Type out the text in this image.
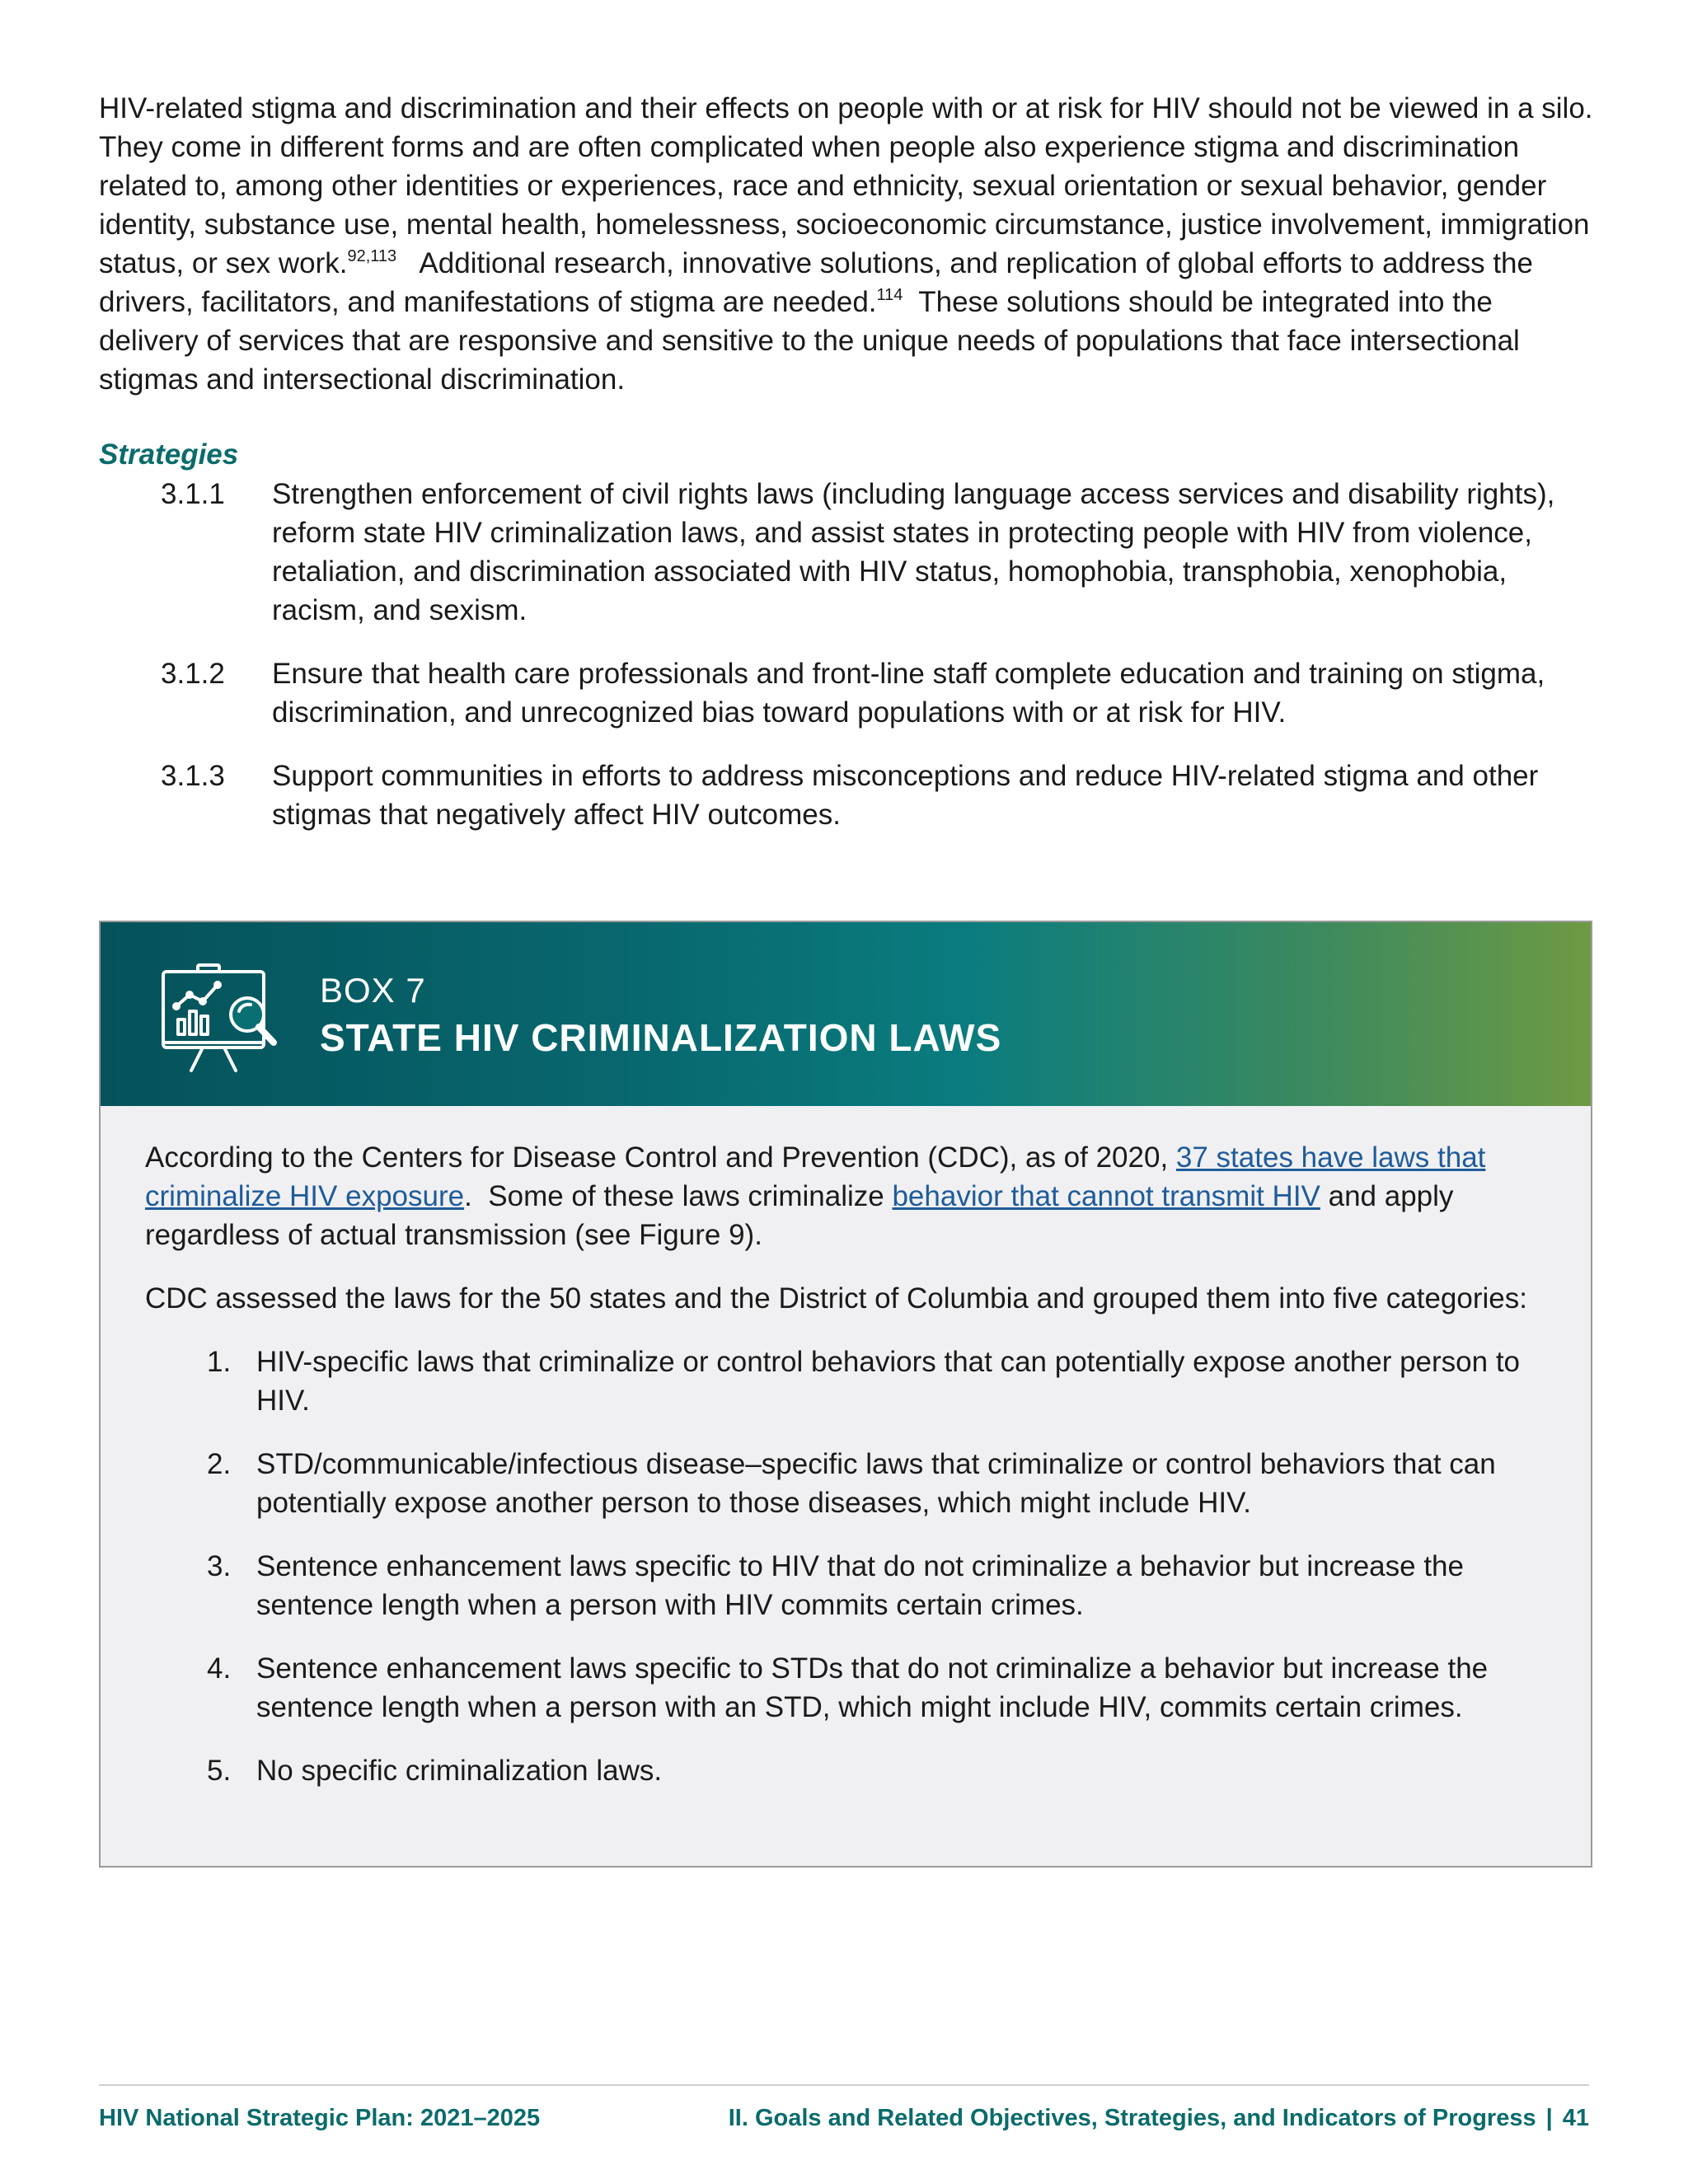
HIV-related stigma and discrimination and their effects on people with or at risk for HIV should not be viewed in a silo. They come in different forms and are often complicated when people also experience stigma and discrimination related to, among other identities or experiences, race and ethnicity, sexual orientation or sexual behavior, gender identity, substance use, mental health, homelessness, socioeconomic circumstance, justice involvement, immigration status, or sex work.$^{92,113}$   Additional research, innovative solutions, and replication of global efforts to address the drivers, facilitators, and manifestations of stigma are needed.$^{114}$  These solutions should be integrated into the delivery of services that are responsive and sensitive to the unique needs of populations that face intersectional stigmas and intersectional discrimination.

Strategies

3.1.1 Strengthen enforcement of civil rights laws (including language access services and disability rights), reform state HIV criminalization laws, and assist states in protecting people with HIV from violence, retaliation, and discrimination associated with HIV status, homophobia, transphobia, xenophobia, racism, and sexism.

3.1.2 Ensure that health care professionals and front-line staff complete education and training on stigma, discrimination, and unrecognized bias toward populations with or at risk for HIV.

3.1.3 Support communities in efforts to address misconceptions and reduce HIV-related stigma and other stigmas that negatively affect HIV outcomes.

BOX 7
STATE HIV CRIMINALIZATION LAWS

According to the Centers for Disease Control and Prevention (CDC), as of 2020, 37 states have laws that criminalize HIV exposure.  Some of these laws criminalize behavior that cannot transmit HIV and apply regardless of actual transmission (see Figure 9).

CDC assessed the laws for the 50 states and the District of Columbia and grouped them into five categories:

1. HIV-specific laws that criminalize or control behaviors that can potentially expose another person to HIV.
2. STD/communicable/infectious disease–specific laws that criminalize or control behaviors that can potentially expose another person to those diseases, which might include HIV.
3. Sentence enhancement laws specific to HIV that do not criminalize a behavior but increase the sentence length when a person with HIV commits certain crimes.
4. Sentence enhancement laws specific to STDs that do not criminalize a behavior but increase the sentence length when a person with an STD, which might include HIV, commits certain crimes.
5. No specific criminalization laws.
HIV National Strategic Plan: 2021–2025	II. Goals and Related Objectives, Strategies, and Indicators of Progress | 41
